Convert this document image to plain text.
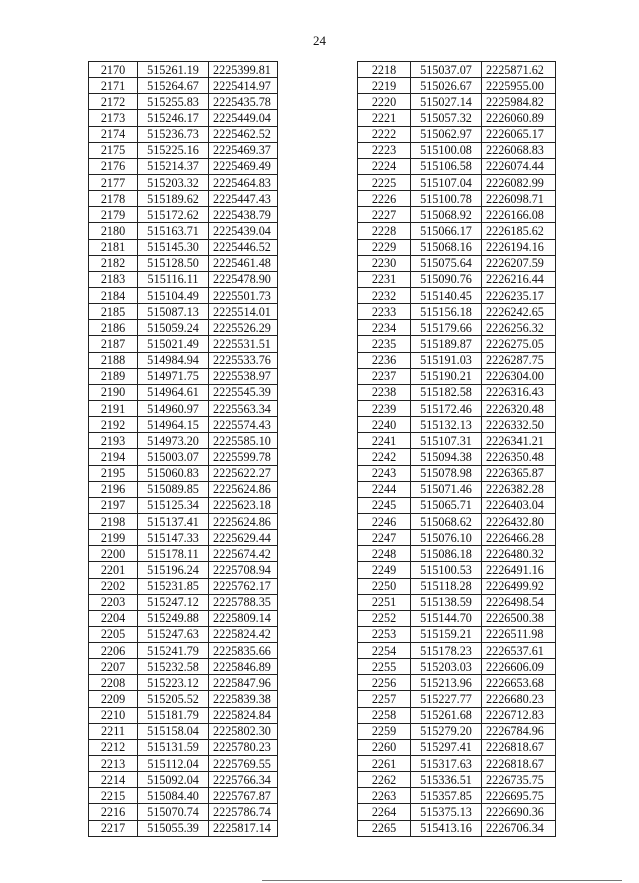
24
2170	515261.19	2225399.81
2171	515264.67	2225414.97
2172	515255.83	2225435.78
2173	515246.17	2225449.04
2174	515236.73	2225462.52
2175	515225.16	2225469.37
2176	515214.37	2225469.49
2177	515203.32	2225464.83
2178	515189.62	2225447.43
2179	515172.62	2225438.79
2180	515163.71	2225439.04
2181	515145.30	2225446.52
2182	515128.50	2225461.48
2183	515116.11	2225478.90
2184	515104.49	2225501.73
2185	515087.13	2225514.01
2186	515059.24	2225526.29
2187	515021.49	2225531.51
2188	514984.94	2225533.76
2189	514971.75	2225538.97
2190	514964.61	2225545.39
2191	514960.97	2225563.34
2192	514964.15	2225574.43
2193	514973.20	2225585.10
2194	515003.07	2225599.78
2195	515060.83	2225622.27
2196	515089.85	2225624.86
2197	515125.34	2225623.18
2198	515137.41	2225624.86
2199	515147.33	2225629.44
2200	515178.11	2225674.42
2201	515196.24	2225708.94
2202	515231.85	2225762.17
2203	515247.12	2225788.35
2204	515249.88	2225809.14
2205	515247.63	2225824.42
2206	515241.79	2225835.66
2207	515232.58	2225846.89
2208	515223.12	2225847.96
2209	515205.52	2225839.38
2210	515181.79	2225824.84
2211	515158.04	2225802.30
2212	515131.59	2225780.23
2213	515112.04	2225769.55
2214	515092.04	2225766.34
2215	515084.40	2225767.87
2216	515070.74	2225786.74
2217	515055.39	2225817.14
2218	515037.07	2225871.62
2219	515026.67	2225955.00
2220	515027.14	2225984.82
2221	515057.32	2226060.89
2222	515062.97	2226065.17
2223	515100.08	2226068.83
2224	515106.58	2226074.44
2225	515107.04	2226082.99
2226	515100.78	2226098.71
2227	515068.92	2226166.08
2228	515066.17	2226185.62
2229	515068.16	2226194.16
2230	515075.64	2226207.59
2231	515090.76	2226216.44
2232	515140.45	2226235.17
2233	515156.18	2226242.65
2234	515179.66	2226256.32
2235	515189.87	2226275.05
2236	515191.03	2226287.75
2237	515190.21	2226304.00
2238	515182.58	2226316.43
2239	515172.46	2226320.48
2240	515132.13	2226332.50
2241	515107.31	2226341.21
2242	515094.38	2226350.48
2243	515078.98	2226365.87
2244	515071.46	2226382.28
2245	515065.71	2226403.04
2246	515068.62	2226432.80
2247	515076.10	2226466.28
2248	515086.18	2226480.32
2249	515100.53	2226491.16
2250	515118.28	2226499.92
2251	515138.59	2226498.54
2252	515144.70	2226500.38
2253	515159.21	2226511.98
2254	515178.23	2226537.61
2255	515203.03	2226606.09
2256	515213.96	2226653.68
2257	515227.77	2226680.23
2258	515261.68	2226712.83
2259	515279.20	2226784.96
2260	515297.41	2226818.67
2261	515317.63	2226818.67
2262	515336.51	2226735.75
2263	515357.85	2226695.75
2264	515375.13	2226690.36
2265	515413.16	2226706.34
